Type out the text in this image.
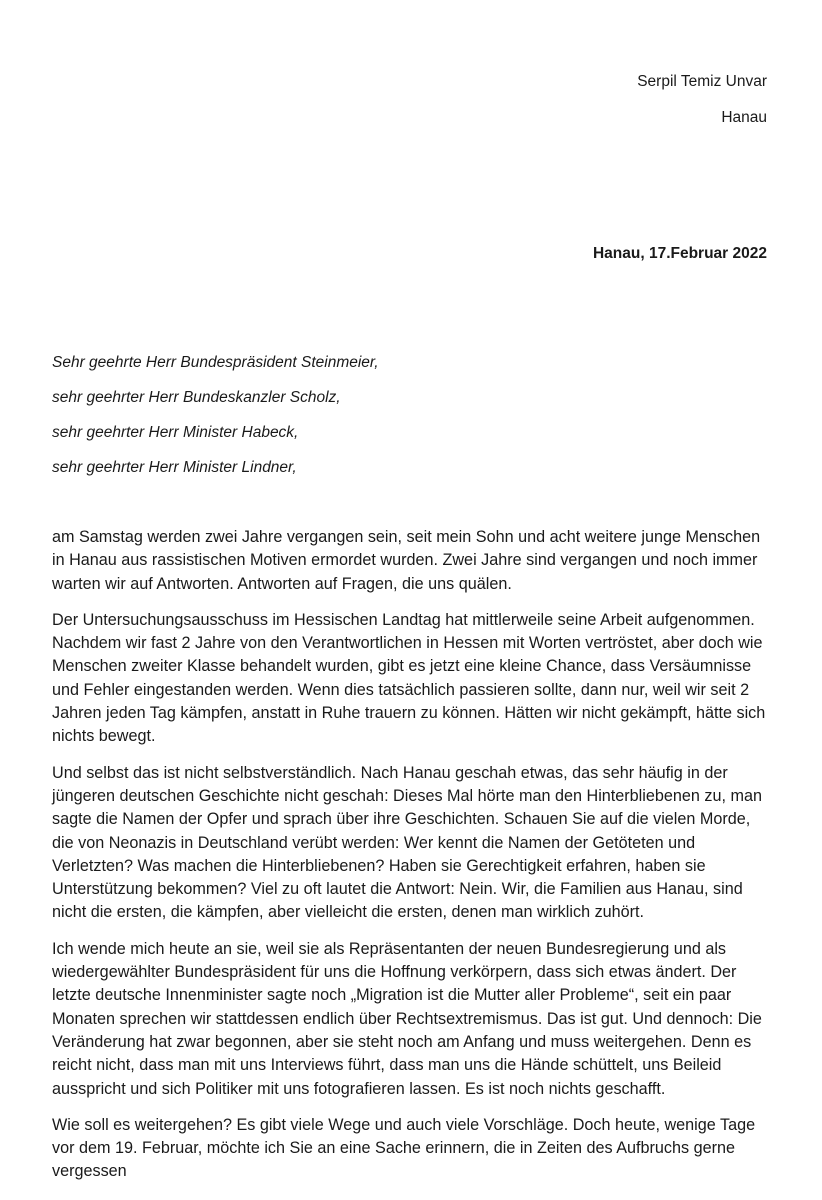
Serpil Temiz Unvar
Hanau
Hanau, 17.Februar 2022
Sehr geehrte Herr Bundespräsident Steinmeier,
sehr geehrter Herr Bundeskanzler Scholz,
sehr geehrter Herr Minister Habeck,
sehr geehrter Herr Minister Lindner,

am Samstag werden zwei Jahre vergangen sein, seit mein Sohn und acht weitere junge Menschen in Hanau aus rassistischen Motiven ermordet wurden. Zwei Jahre sind vergangen und noch immer warten wir auf Antworten. Antworten auf Fragen, die uns quälen.

Der Untersuchungsausschuss im Hessischen Landtag hat mittlerweile seine Arbeit aufgenommen. Nachdem wir fast 2 Jahre von den Verantwortlichen in Hessen mit Worten vertröstet, aber doch wie Menschen zweiter Klasse behandelt wurden, gibt es jetzt eine kleine Chance, dass Versäumnisse und Fehler eingestanden werden. Wenn dies tatsächlich passieren sollte, dann nur, weil wir seit 2 Jahren jeden Tag kämpfen, anstatt in Ruhe trauern zu können. Hätten wir nicht gekämpft, hätte sich nichts bewegt.

Und selbst das ist nicht selbstverständlich. Nach Hanau geschah etwas, das sehr häufig in der jüngeren deutschen Geschichte nicht geschah: Dieses Mal hörte man den Hinterbliebenen zu, man sagte die Namen der Opfer und sprach über ihre Geschichten. Schauen Sie auf die vielen Morde, die von Neonazis in Deutschland verübt werden: Wer kennt die Namen der Getöteten und Verletzten? Was machen die Hinterbliebenen? Haben sie Gerechtigkeit erfahren, haben sie Unterstützung bekommen? Viel zu oft lautet die Antwort: Nein. Wir, die Familien aus Hanau, sind nicht die ersten, die kämpfen, aber vielleicht die ersten, denen man wirklich zuhört.

Ich wende mich heute an sie, weil sie als Repräsentanten der neuen Bundesregierung und als wiedergewählter Bundespräsident für uns die Hoffnung verkörpern, dass sich etwas ändert. Der letzte deutsche Innenminister sagte noch „Migration ist die Mutter aller Probleme“, seit ein paar Monaten sprechen wir stattdessen endlich über Rechtsextremismus. Das ist gut. Und dennoch: Die Veränderung hat zwar begonnen, aber sie steht noch am Anfang und muss weitergehen. Denn es reicht nicht, dass man mit uns Interviews führt, dass man uns die Hände schüttelt, uns Beileid ausspricht und sich Politiker mit uns fotografieren lassen. Es ist noch nichts geschafft.

Wie soll es weitergehen? Es gibt viele Wege und auch viele Vorschläge. Doch heute, wenige Tage vor dem 19. Februar, möchte ich Sie an eine Sache erinnern, die in Zeiten des Aufbruchs gerne vergessen
